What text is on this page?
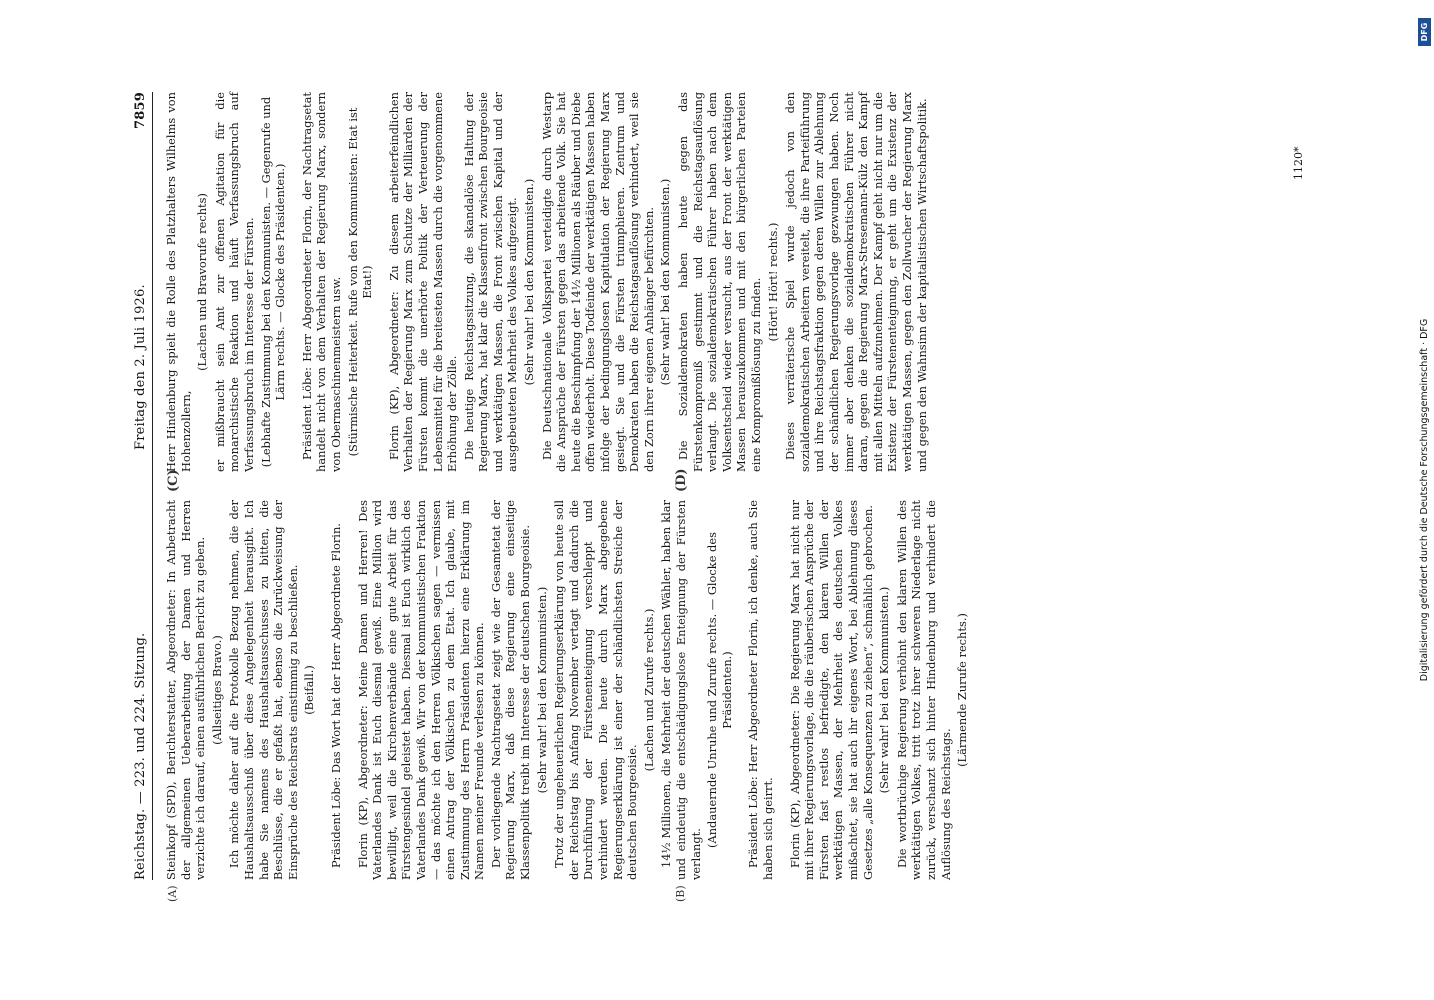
Reichstag. — 223. und 224. Sitzung.
Freitag den 2. Juli 1926.
7859
(A)	(B)
(C)	(D)

Steinkopf (SPD), Berichterstatter, Abgeordneter: In Anbetracht der allgemeinen Ueberarbeitung der Damen und Herren verzichte ich darauf, einen ausführlichen Bericht zu geben. (Allseitiges Bravo.) Ich möchte daher auf die Protokolle Bezug nehmen, die der Haushaltsausschuß über diese Angelegenheit herausgibt. Ich habe Sie namens des Haushaltsausschusses zu bitten, die Beschlüsse, die er gefaßt hat, ebenso die Zurückweisung der Einsprüche des Reichsrats einstimmig zu beschließen. (Beifall.) Präsident Löbe: Das Wort hat der Herr Abgeordnete Florin. Florin (KP), Abgeordneter: Meine Damen und Herren! Des Vaterlandes Dank ist Euch diesmal gewiß. Eine Million wird bewilligt, weil die Kirchenverbände eine gute Arbeit für das Fürstengesindel geleistet haben. Diesmal ist Euch wirklich des Vaterlandes Dank gewiß. Wir von der kommunistischen Fraktion — das möchte ich den Herren Völkischen sagen — vermissen einen Antrag der Völkischen zu dem Etat. Ich glaube, mit Zustimmung des Herrn Präsidenten hierzu eine Erklärung im Namen meiner Freunde verlesen zu können. Der vorliegende Nachtragsetat zeigt wie der Gesamtetat der Regierung Marx, daß diese Regierung eine einseitige Klassenpolitik treibt im Interesse der deutschen Bourgeoisie. (Sehr wahr! bei den Kommunisten.) Trotz der ungeheuerlichen Regierungserklärung von heute soll der Reichstag bis Anfang November vertagt und dadurch die Durchführung der Fürstenenteignung verschleppt und verhindert werden. Die heute durch Marx abgegebene Regierungserklärung ist einer der schändlichsten Streiche der deutschen Bourgeoisie.

(Lachen und Zurufe rechts.) 14½ Millionen, die Mehrheit der deutschen Wähler, haben klar und eindeutig die entschädigungslose Enteignung der Fürsten verlangt.

(Andauernde Unruhe und Zurufe rechts. — Glocke des Präsidenten.) Präsident Löbe: Herr Abgeordneter Florin, ich denke, auch Sie haben sich geirrt. Florin (KP), Abgeordneter: Die Regierung Marx hat nicht nur mit ihrer Regierungsvorlage, die die räuberischen Ansprüche der Fürsten fast restlos befriedigte, den klaren Willen der werktätigen Massen, der Mehrheit des deutschen Volkes mißachtet, sie hat auch ihr eigenes Wort, bei Ablehnung dieses Gesetzes „alle Konsequenzen zu ziehen“, schmählich gebrochen. (Sehr wahr! bei den Kommunisten.) Die wortbrüchige Regierung verhöhnt den klaren Willen des werktätigen Volkes, tritt trotz ihrer schweren Niederlage nicht zurück, verschanzt sich hinter Hindenburg und verhindert die Auflösung des Reichstags.

(Lärmende Zurufe rechts.)

Herr Hindenburg spielt die Rolle des Platzhalters Wilhelms von Hohenzollern,

(Lachen und Bravorufe rechts) er mißbraucht sein Amt zur offenen Agitation für die monarchistische Reaktion und häuft Verfassungsbruch auf Verfassungsbruch im Interesse der Fürsten. (Lebhafte Zustimmung bei den Kommunisten. — Gegenrufe und Lärm rechts. — Glocke des Präsidenten.) Präsident Löbe: Herr Abgeordneter Florin, der Nachtragsetat handelt nicht von dem Verhalten der Regierung Marx, sondern von Obermaschinenmeistern usw. (Stürmische Heiterkeit. Rufe von den Kommunisten: Etat ist Etat!) Florin (KP), Abgeordneter: Zu diesem arbeiterfeindlichen Verhalten der Regierung Marx zum Schutze der Milliarden der Fürsten kommt die unerhörte Politik der Verteuerung der Lebensmittel für die breitesten Massen durch die vorgenommene Erhöhung der Zölle. Die heutige Reichstagssitzung, die skandalöse Haltung der Regierung Marx, hat klar die Klassenfront zwischen Bourgeoisie und werktätigen Massen, die Front zwischen Kapital und der ausgebeuteten Mehrheit des Volkes aufgezeigt. (Sehr wahr! bei den Kommunisten.) Die Deutschnationale Volkspartei verteidigte durch Westarp die Ansprüche der Fürsten gegen das arbeitende Volk. Sie hat heute die Beschimpfung der 14½ Millionen als Räuber und Diebe offen wiederholt. Diese Todfeinde der werktätigen Massen haben infolge der bedingungslosen Kapitulation der Regierung Marx gesiegt. Sie und die Fürsten triumphieren. Zentrum und Demokraten haben die Reichstagsauflösung verhindert, weil sie den Zorn ihrer eigenen Anhänger befürchten. (Sehr wahr! bei den Kommunisten.) Die Sozialdemokraten haben heute gegen das Fürstenkompromiß gestimmt und die Reichstagsauflösung verlangt. Die sozialdemokratischen Führer haben nach dem Volksentscheid wieder versucht, aus der Front der werktätigen Massen herauszukommen und mit den bürgerlichen Parteien eine Kompromißlösung zu finden. (Hört! Hört! rechts.) Dieses verräterische Spiel wurde jedoch von den sozialdemokratischen Arbeitern vereitelt, die ihre Parteiführung und ihre Reichstagsfraktion gegen deren Willen zur Ablehnung der schändlichen Regierungsvorlage gezwungen haben. Noch immer aber denken die sozialdemokratischen Führer nicht daran, gegen die Regierung Marx-Stresemann-Külz den Kampf mit allen Mitteln aufzunehmen. Der Kampf geht nicht nur um die Existenz der Fürstenenteignung, er geht um die Existenz der werktätigen Massen, gegen den Zollwucher der Regierung Marx und gegen den Wahnsinn der kapitalistischen Wirtschaftspolitik.	1120*
Digitalisierung gefördert durch die Deutsche Forschungsgemeinschaft · DFG
DFG
